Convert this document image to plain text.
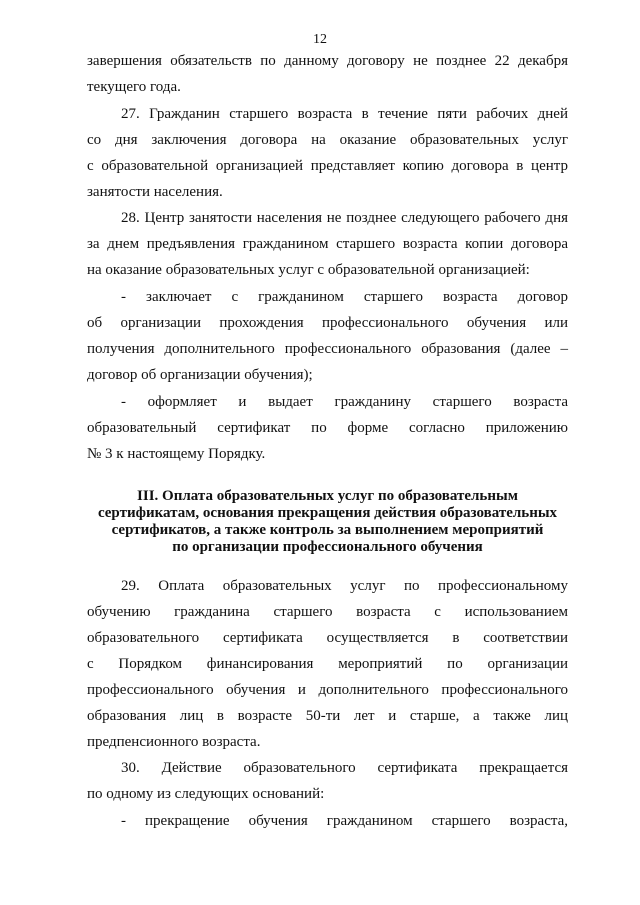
12
завершения обязательств по данному договору не позднее 22 декабря
текущего года.
27. Гражданин старшего возраста в течение пяти рабочих дней
со дня заключения договора на оказание образовательных услуг
с образовательной организацией представляет копию договора в центр
занятости населения.
28. Центр занятости населения не позднее следующего рабочего дня
за днем предъявления гражданином старшего возраста копии договора
на оказание образовательных услуг с образовательной организацией:
- заключает с гражданином старшего возраста договор
об организации прохождения профессионального обучения или
получения дополнительного профессионального образования (далее –
договор об организации обучения);
- оформляет и выдает гражданину старшего возраста
образовательный сертификат по форме согласно приложению
№ 3 к настоящему Порядку.
III. Оплата образовательных услуг по образовательным
сертификатам, основания прекращения действия образовательных
сертификатов, а также контроль за выполнением мероприятий
по организации профессионального обучения
29. Оплата образовательных услуг по профессиональному
обучению гражданина старшего возраста с использованием
образовательного сертификата осуществляется в соответствии
с Порядком финансирования мероприятий по организации
профессионального обучения и дополнительного профессионального
образования лиц в возрасте 50-ти лет и старше, а также лиц
предпенсионного возраста.
30. Действие образовательного сертификата прекращается
по одному из следующих оснований:
- прекращение обучения гражданином старшего возраста,
